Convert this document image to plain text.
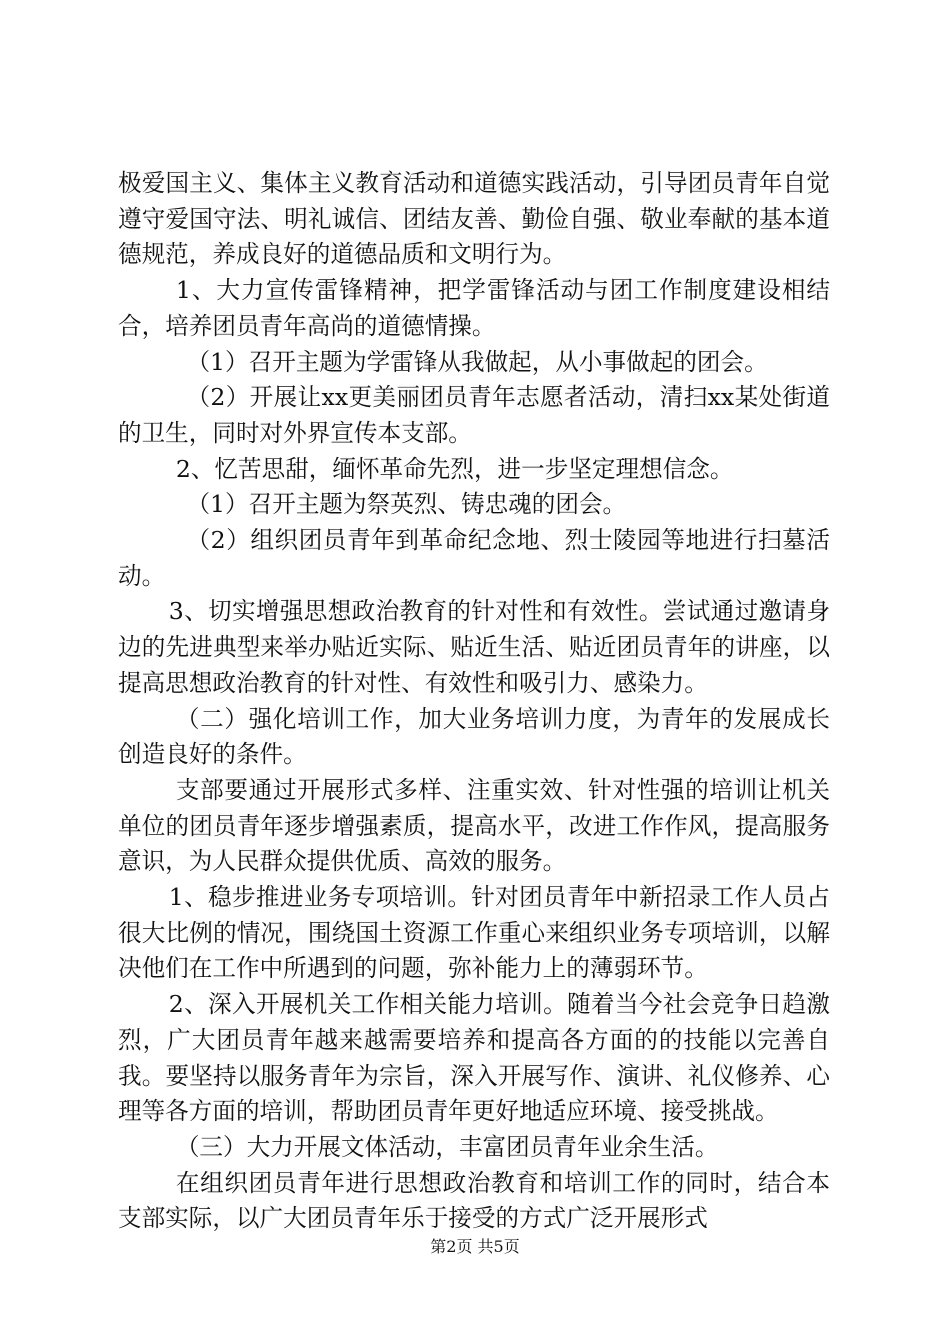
极爱国主义、集体主义教育活动和道德实践活动，引导团员青年自觉遵守爱国守法、明礼诚信、团结友善、勤俭自强、敬业奉献的基本道德规范，养成良好的道德品质和文明行为。

1、大力宣传雷锋精神，把学雷锋活动与团工作制度建设相结合，培养团员青年高尚的道德情操。

（1）召开主题为学雷锋从我做起，从小事做起的团会。

（2）开展让xx更美丽团员青年志愿者活动，清扫xx某处街道的卫生，同时对外界宣传本支部。

2、忆苦思甜，缅怀革命先烈，进一步坚定理想信念。

（1）召开主题为祭英烈、铸忠魂的团会。

（2）组织团员青年到革命纪念地、烈士陵园等地进行扫墓活动。

3、切实增强思想政治教育的针对性和有效性。尝试通过邀请身边的先进典型来举办贴近实际、贴近生活、贴近团员青年的讲座，以提高思想政治教育的针对性、有效性和吸引力、感染力。

（二）强化培训工作，加大业务培训力度，为青年的发展成长创造良好的条件。

支部要通过开展形式多样、注重实效、针对性强的培训让机关单位的团员青年逐步增强素质，提高水平，改进工作作风，提高服务意识，为人民群众提供优质、高效的服务。

1、稳步推进业务专项培训。针对团员青年中新招录工作人员占很大比例的情况，围绕国土资源工作重心来组织业务专项培训，以解决他们在工作中所遇到的问题，弥补能力上的薄弱环节。

2、深入开展机关工作相关能力培训。随着当今社会竞争日趋激烈，广大团员青年越来越需要培养和提高各方面的的技能以完善自我。要坚持以服务青年为宗旨，深入开展写作、演讲、礼仪修养、心理等各方面的培训，帮助团员青年更好地适应环境、接受挑战。

（三）大力开展文体活动，丰富团员青年业余生活。

在组织团员青年进行思想政治教育和培训工作的同时，结合本支部实际，以广大团员青年乐于接受的方式广泛开展形式

第2页 共5页
